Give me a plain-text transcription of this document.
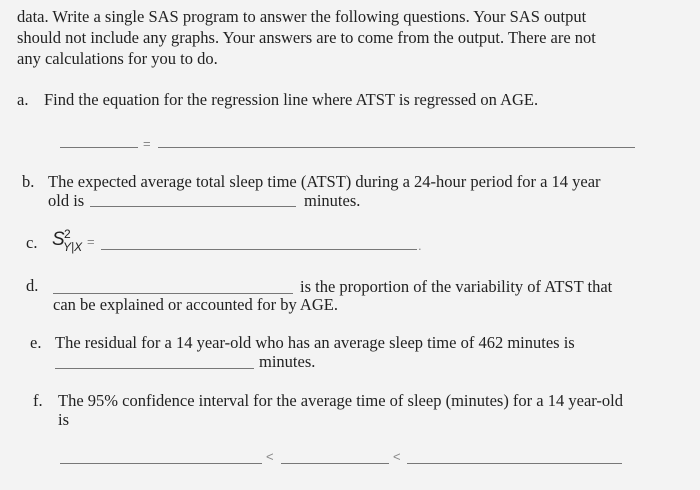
data. Write a single SAS program to answer the following questions. Your SAS output
should not include any graphs. Your answers are to come from the output. There are not
any calculations for you to do.
a. Find the equation for the regression line where ATST is regressed on AGE.
=
b. The expected average total sleep time (ATST) during a 24-hour period for a 14 year
old is	minutes.
c. S 2
Y|X =	.
d.	is the proportion of the variability of ATST that
can be explained or accounted for by AGE.
e. The residual for a 14 year-old who has an average sleep time of 462 minutes is
minutes.
f. The 95% confidence interval for the average time of sleep (minutes) for a 14 year-old
is
<	<
